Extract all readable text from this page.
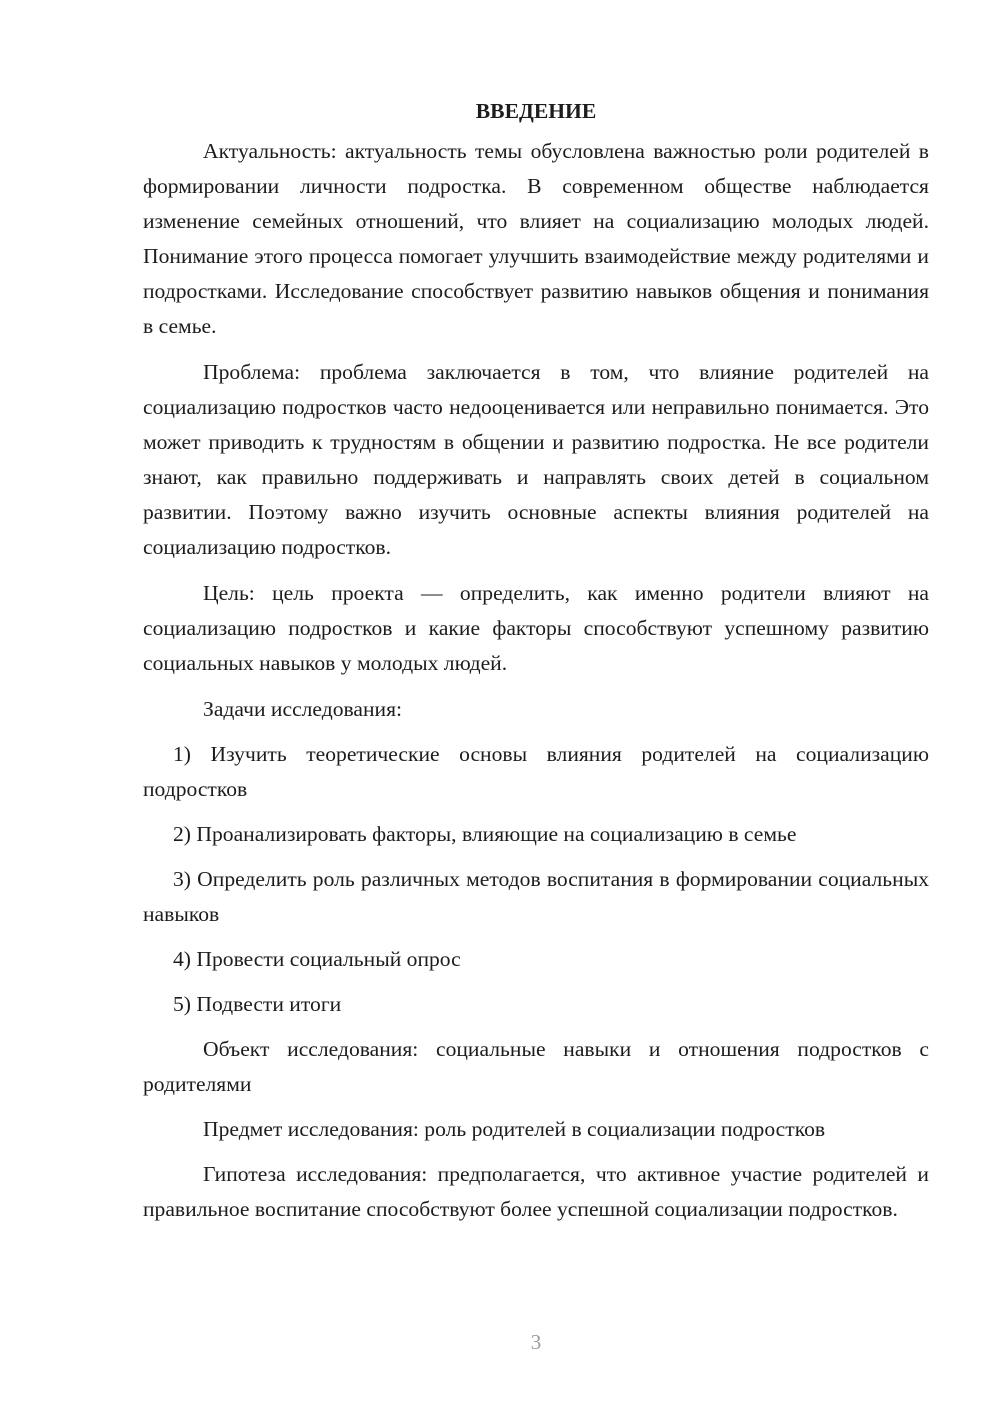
ВВЕДЕНИЕ

Актуальность: актуальность темы обусловлена важностью роли родителей в формировании личности подростка. В современном обществе наблюдается изменение семейных отношений, что влияет на социализацию молодых людей. Понимание этого процесса помогает улучшить взаимодействие между родителями и подростками. Исследование способствует развитию навыков общения и понимания в семье.

Проблема: проблема заключается в том, что влияние родителей на социализацию подростков часто недооценивается или неправильно понимается. Это может приводить к трудностям в общении и развитию подростка. Не все родители знают, как правильно поддерживать и направлять своих детей в социальном развитии. Поэтому важно изучить основные аспекты влияния родителей на социализацию подростков.

Цель: цель проекта — определить, как именно родители влияют на социализацию подростков и какие факторы способствуют успешному развитию социальных навыков у молодых людей.

Задачи исследования:

1) Изучить теоретические основы влияния родителей на социализацию подростков

2) Проанализировать факторы, влияющие на социализацию в семье

3) Определить роль различных методов воспитания в формировании социальных навыков

4) Провести социальный опрос

5) Подвести итоги

Объект исследования: социальные навыки и отношения подростков с родителями

Предмет исследования: роль родителей в социализации подростков

Гипотеза исследования: предполагается, что активное участие родителей и правильное воспитание способствуют более успешной социализации подростков.

3
